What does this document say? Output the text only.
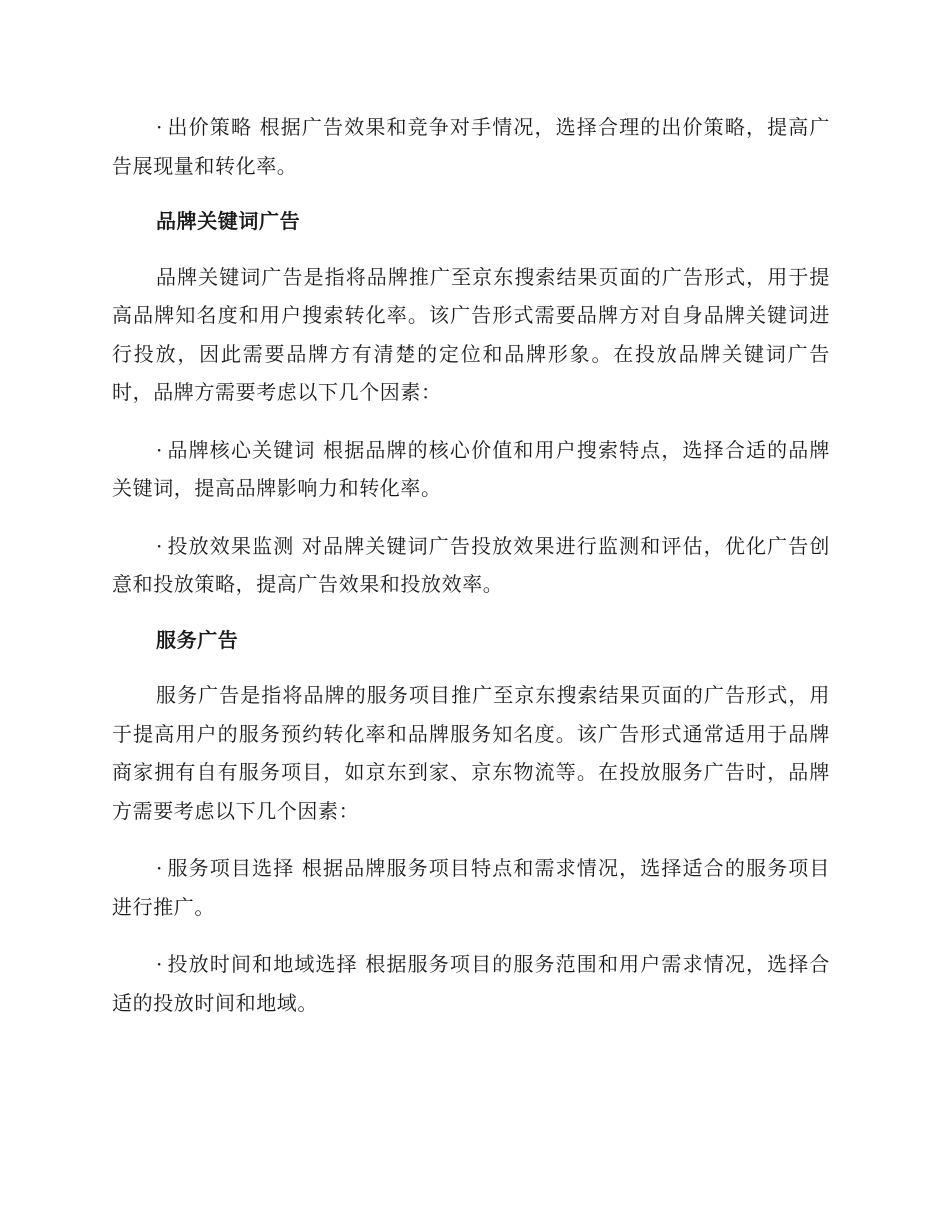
· 出价策略 根据广告效果和竞争对手情况，选择合理的出价策略，提高广告展现量和转化率。

品牌关键词广告

品牌关键词广告是指将品牌推广至京东搜索结果页面的广告形式，用于提高品牌知名度和用户搜索转化率。该广告形式需要品牌方对自身品牌关键词进行投放，因此需要品牌方有清楚的定位和品牌形象。在投放品牌关键词广告时，品牌方需要考虑以下几个因素：

· 品牌核心关键词 根据品牌的核心价值和用户搜索特点，选择合适的品牌关键词，提高品牌影响力和转化率。

· 投放效果监测 对品牌关键词广告投放效果进行监测和评估，优化广告创意和投放策略，提高广告效果和投放效率。

服务广告

服务广告是指将品牌的服务项目推广至京东搜索结果页面的广告形式，用于提高用户的服务预约转化率和品牌服务知名度。该广告形式通常适用于品牌商家拥有自有服务项目，如京东到家、京东物流等。在投放服务广告时，品牌方需要考虑以下几个因素：

· 服务项目选择 根据品牌服务项目特点和需求情况，选择适合的服务项目进行推广。

· 投放时间和地域选择 根据服务项目的服务范围和用户需求情况，选择合适的投放时间和地域。
